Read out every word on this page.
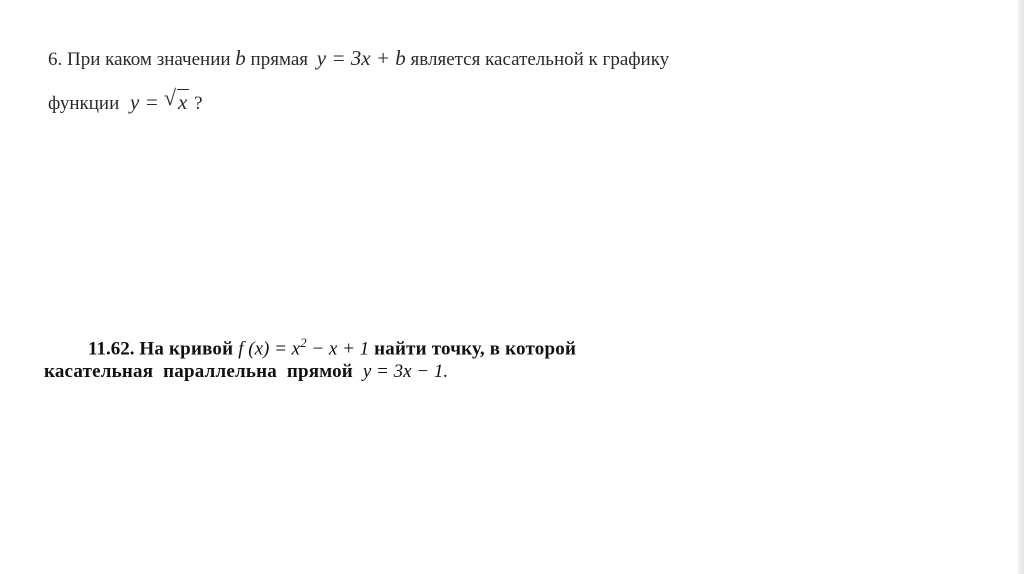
6. При каком значении b прямая y = 3x + b является касательной к графику
функции y = √ x ?
11.62. На кривой f $(x) = x^2 - x + 1$ найти точку, в которой
касательная  параллельна  прямой  y = 3x − 1.
